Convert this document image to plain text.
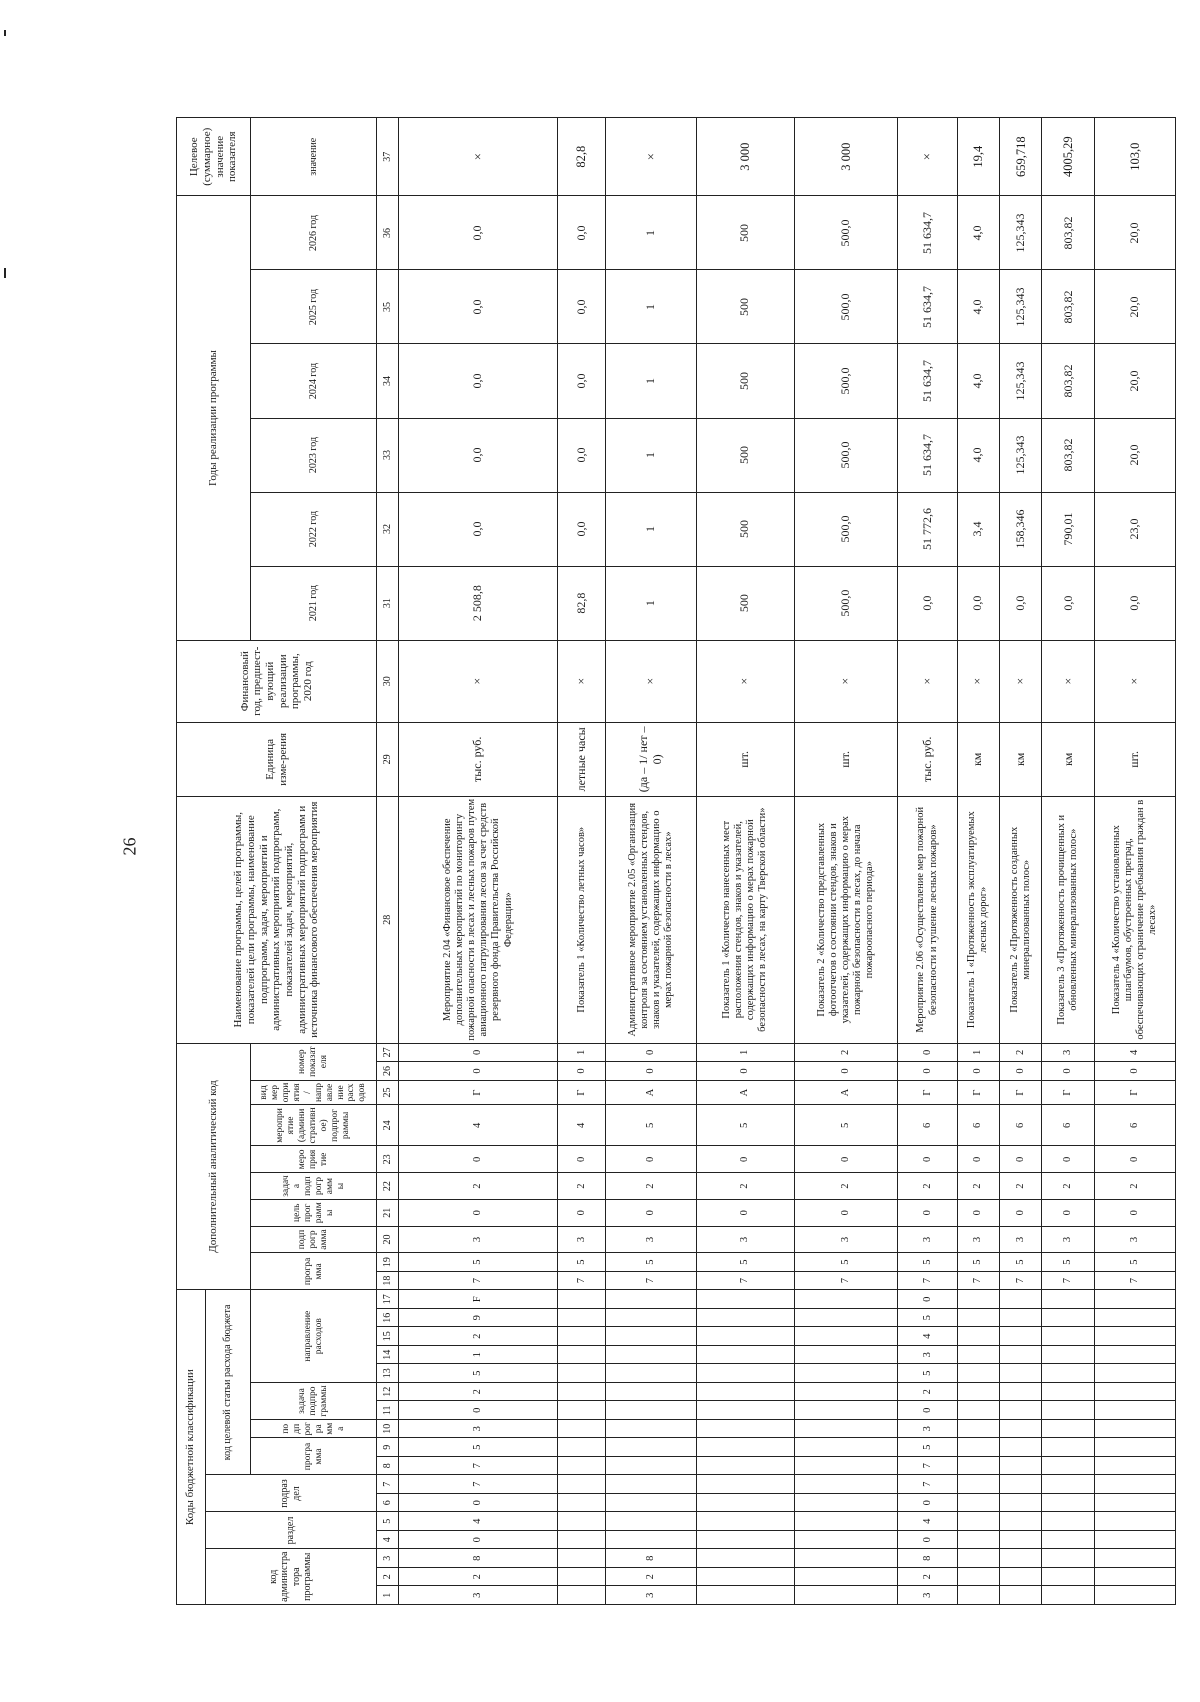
26
Коды бюджетной классификации																	Дополнительный аналитический код										Наименование программы, целей программы, показателей цели программы, наименование подпрограмм, задач, мероприятий и административных мероприятий подпрограмм, показателей задач, мероприятий, административных мероприятий подпрограмм и источника финансового обеспечения мероприятия	Единица изме-рения	Финансовый год, предшест-вующий реализации программы, 2020 год	Годы реализации программы						Целевое (суммарное) значение показателя
код администратора программы			раздел		подраздел		код целевой статьи расхода бюджета																													
							программа		подпрограмма	задача подпрограммы		направление расходов					программа		подпрограмма	цель программы	задача подпрограммы	мероприятие	мероприятие (административное) подпрограммы	вид мероприятия / направление расходов	номер показателя					2021 год	2022 год	2023 год	2024 год	2025 год	2026 год	значение
1	2	3	4	5	6	7	8	9	10	11	12	13	14	15	16	17	18	19	20	21	22	23	24	25	26	27	28	29	30	31	32	33	34	35	36	37
3	2	8	0	4	0	7	7	5	3	0	2	5	1	2	9	F	7	5	3	0	2	0	4	Г	0	0	Мероприятие 2.04 «Финансовое обеспечение дополнительных мероприятий по мониторингу пожарной опасности в лесах и лесных пожаров путем авиационного патрулирования лесов за счет средств резервного фонда Правительства Российской Федерации»	тыс. руб.	×	2 508,8	0,0	0,0	0,0	0,0	0,0	×
																	7	5	3	0	2	0	4	Г	0	1	Показатель 1 «Количество летных часов»	летные часы	×	82,8	0,0	0,0	0,0	0,0	0,0	82,8
3	2	8															7	5	3	0	2	0	5	А	0	0	Административное мероприятие 2.05 «Организация контроля за состоянием установленных стендов, знаков и указателей, содержащих информацию о мерах пожарной безопасности в лесах»	(да – 1/ нет – 0)	×	1	1	1	1	1	1	×
																	7	5	3	0	2	0	5	А	0	1	Показатель 1 «Количество нанесенных мест расположения стендов, знаков и указателей, содержащих информацию о мерах пожарной безопасности в лесах, на карту Тверской области»	шт.	×	500	500	500	500	500	500	3 000
																	7	5	3	0	2	0	5	А	0	2	Показатель 2 «Количество представленных фотоотчетов о состоянии стендов, знаков и указателей, содержащих информацию о мерах пожарной безопасности в лесах, до начала пожароопасного периода»	шт.	×	500,0	500,0	500,0	500,0	500,0	500,0	3 000
3	2	8	0	4	0	7	7	5	3	0	2	5	3	4	5	0	7	5	3	0	2	0	6	Г	0	0	Мероприятие 2.06 «Осуществление мер пожарной безопасности и тушение лесных пожаров»	тыс. руб.	×	0,0	51 772,6	51 634,7	51 634,7	51 634,7	51 634,7	×
																	7	5	3	0	2	0	6	Г	0	1	Показатель 1 «Протяженность эксплуатируемых лесных дорог»	км	×	0,0	3,4	4,0	4,0	4,0	4,0	19,4
																	7	5	3	0	2	0	6	Г	0	2	Показатель 2 «Протяженность созданных минерализованных полос»	км	×	0,0	158,346	125,343	125,343	125,343	125,343	659,718
																	7	5	3	0	2	0	6	Г	0	3	Показатель 3 «Протяженность прочищенных и обновленных минерализованных полос»	км	×	0,0	790,01	803,82	803,82	803,82	803,82	4005,29
																	7	5	3	0	2	0	6	Г	0	4	Показатель 4 «Количество установленных шлагбаумов, обустроенных преград, обеспечивающих ограничение пребывания граждан в лесах»	шт.	×	0,0	23,0	20,0	20,0	20,0	20,0	103,0
